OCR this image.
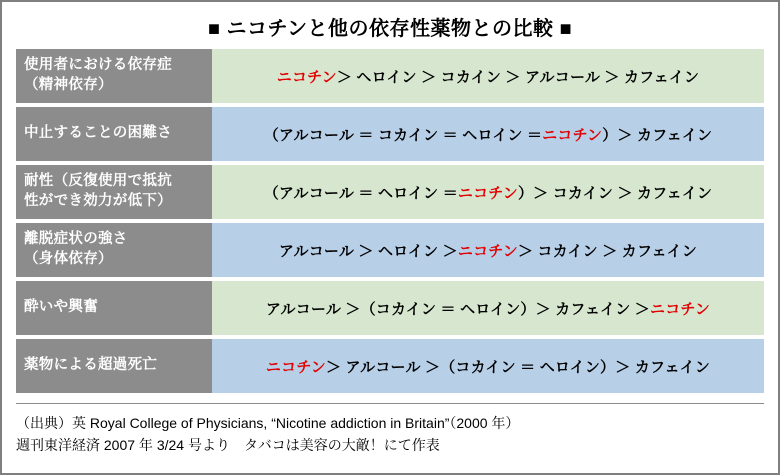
■ ニコチンと他の依存性薬物との比較 ■
使用者における依存症
（精神依存）	ニコチン ＞ ヘロイン ＞ コカイン ＞ アルコール ＞ カフェイン
中止することの困難さ	（アルコール ＝ コカイン ＝ ヘロイン ＝ ニコチン ）＞ カフェイン
耐性（反復使用で抵抗
性ができ効力が低下）	（アルコール ＝ ヘロイン ＝ ニコチン ）＞ コカイン ＞ カフェイン
離脱症状の強さ
（身体依存）	アルコール ＞ ヘロイン ＞ ニコチン ＞ コカイン ＞ カフェイン
酔いや興奮	アルコール ＞（コカイン ＝ ヘロイン）＞ カフェイン ＞ ニコチン
薬物による超過死亡	ニコチン ＞ アルコール ＞（コカイン ＝ ヘロイン）＞ カフェイン
（出典）英 Royal College of Physicians, “Nicotine addiction in Britain”（2000 年）
週刊東洋経済 2007 年 3/24 号より　タバコは美容の大敵！にて作表
